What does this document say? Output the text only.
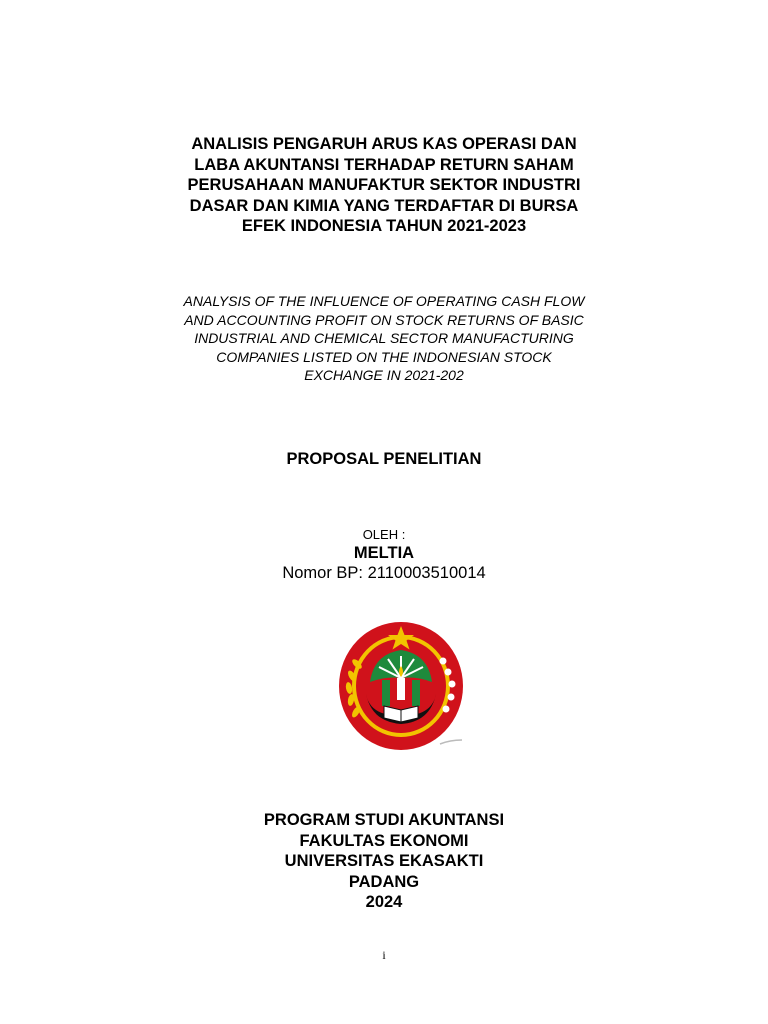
ANALISIS PENGARUH ARUS KAS OPERASI DAN
LABA AKUNTANSI TERHADAP RETURN SAHAM
PERUSAHAAN MANUFAKTUR SEKTOR INDUSTRI
DASAR DAN KIMIA YANG TERDAFTAR DI BURSA
EFEK INDONESIA TAHUN 2021-2023
ANALYSIS OF THE INFLUENCE OF OPERATING CASH FLOW
AND ACCOUNTING PROFIT ON STOCK RETURNS OF BASIC
INDUSTRIAL AND CHEMICAL SECTOR MANUFACTURING
COMPANIES LISTED ON THE INDONESIAN STOCK
EXCHANGE IN 2021-202
PROPOSAL PENELITIAN
OLEH :
MELTIA
Nomor BP: 2110003510014
PROGRAM STUDI AKUNTANSI
FAKULTAS EKONOMI
UNIVERSITAS EKASAKTI
PADANG
2024
i
